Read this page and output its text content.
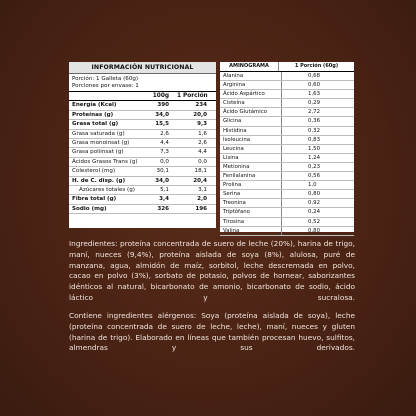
INFORMACIÓN NUTRICIONAL
Porción: 1 Galleta (60g)
Porciones por envase: 1
100g	1 Porción
Energía (Kcal)	390	234
Proteínas (g)	34,0	20,0
Grasa total (g)	15,5	9,3
Grasa saturada (g)	2,6	1,6
Grasa monoinsat (g)	4,4	2,6
Grasa poliinsat (g)	7,3	4,4
Ácidos Grasos Trans (g)	0,0	0,0
Colesterol (mg)	30,1	18,1
H. de C. disp. (g)	34,0	20,4
Azúcares totales (g)	5,1	3,1
Fibra total (g)	3,4	2,0
Sodio (mg)	326	196
AMINOGRAMA	1 Porción (60g)
Alanina	0,68
Arginina	0,60
Ácido Aspártico	1,63
Cisteína	0,29
Ácido Glutámico	2,72
Glicina	0,36
Histidina	0,32
Isoleucina	0,83
Leucina	1,50
Lisina	1,24
Metionina	0,23
Fenilalanina	0,56
Prolina	1,0
Serina	0,80
Treonina	0,92
Triptófano	0,24
Tirosina	0,52
Valina	0,80
Ingredientes: proteína concentrada de suero de leche (20%), harina de trigo, maní, nueces (9,4%), proteína aislada de soya (8%), alulosa, puré de manzana, agua, almidón de maíz, sorbitol, leche descremada en polvo, cacao en polvo (3%), sorbato de potasio, polvos de hornear, saborizantes idénticos al natural, bicarbonato de amonio, bicarbonato de sodio, ácido láctico y sucralosa.
Contiene ingredientes alérgenos: Soya (proteína aislada de soya), leche (proteína concentrada de suero de leche, leche), maní, nueces y gluten (harina de trigo). Elaborado en líneas que también procesan huevo, sulfitos, almendras y sus derivados.
